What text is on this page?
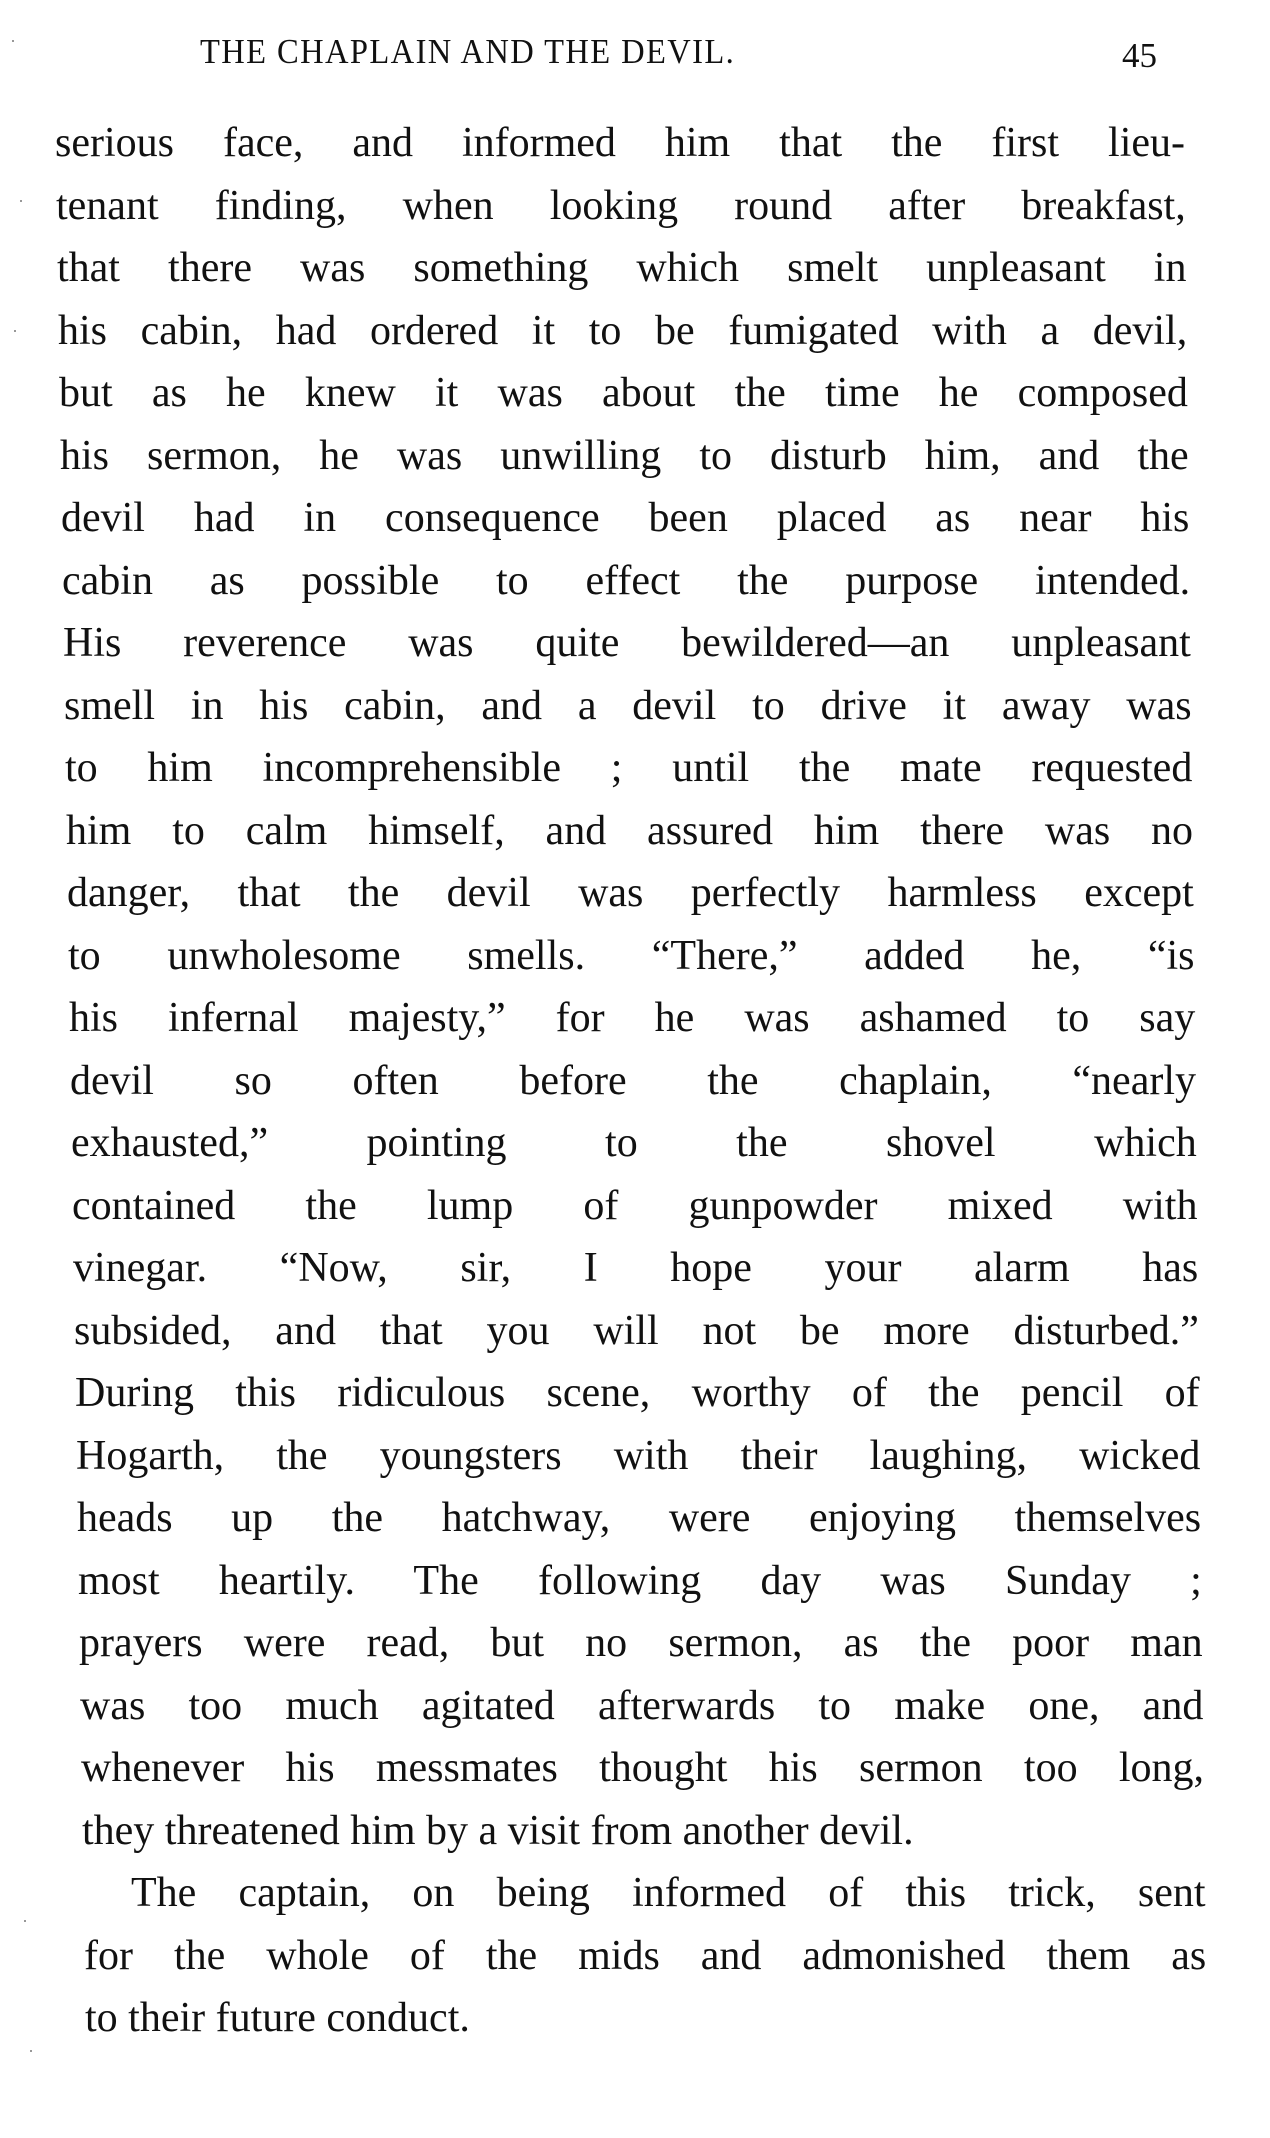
THE CHAPLAIN AND THE DEVIL.	45
serious face, and informed him that the first lieu-
tenant finding, when looking round after breakfast,
that there was something which smelt unpleasant in
his cabin, had ordered it to be fumigated with a devil,
but as he knew it was about the time he composed
his sermon, he was unwilling to disturb him, and the
devil had in consequence been placed as near his
cabin as possible to effect the purpose intended.
His reverence was quite bewildered—an unpleasant
smell in his cabin, and a devil to drive it away was
to him incomprehensible ; until the mate requested
him to calm himself, and assured him there was no
danger, that the devil was perfectly harmless except
to unwholesome smells. “There,” added he, “is
his infernal majesty,” for he was ashamed to say
devil so often before the chaplain, “nearly
exhausted,” pointing to the shovel which
contained the lump of gunpowder mixed with
vinegar. “Now, sir, I hope your alarm has
subsided, and that you will not be more disturbed.”
During this ridiculous scene, worthy of the pencil of
Hogarth, the youngsters with their laughing, wicked
heads up the hatchway, were enjoying themselves
most heartily. The following day was Sunday ;
prayers were read, but no sermon, as the poor man
was too much agitated afterwards to make one, and
whenever his messmates thought his sermon too long,
they threatened him by a visit from another devil.
The captain, on being informed of this trick, sent
for the whole of the mids and admonished them as
to their future conduct.
